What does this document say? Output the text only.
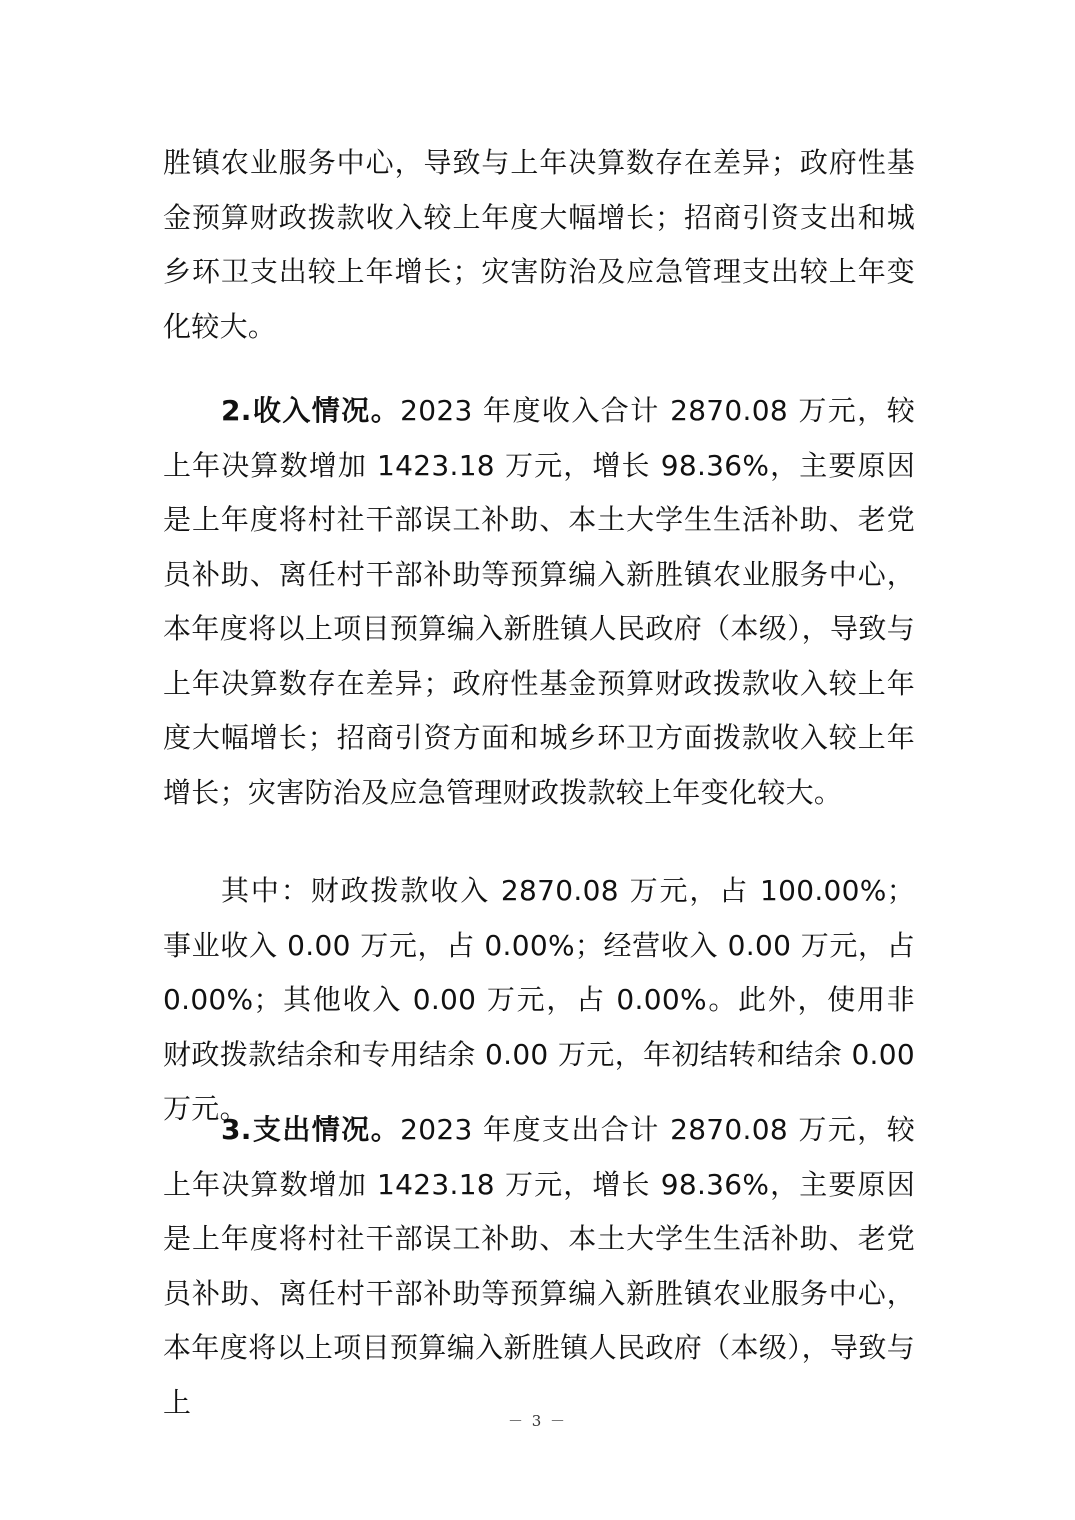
胜镇农业服务中心，导致与上年决算数存在差异；政府性基金预算财政拨款收入较上年度大幅增长；招商引资支出和城乡环卫支出较上年增长；灾害防治及应急管理支出较上年变化较大。

2.收入情况。2023 年度收入合计 2870.08 万元，较上年决算数增加 1423.18 万元，增长 98.36%，主要原因是上年度将村社干部误工补助、本土大学生生活补助、老党员补助、离任村干部补助等预算编入新胜镇农业服务中心，本年度将以上项目预算编入新胜镇人民政府（本级），导致与上年决算数存在差异；政府性基金预算财政拨款收入较上年度大幅增长；招商引资方面和城乡环卫方面拨款收入较上年增长；灾害防治及应急管理财政拨款较上年变化较大。

其中：财政拨款收入 2870.08 万元，占 100.00%；事业收入 0.00 万元，占 0.00%；经营收入 0.00 万元，占 0.00%；其他收入 0.00 万元，占 0.00%。此外，使用非财政拨款结余和专用结余 0.00 万元，年初结转和结余 0.00 万元。

3.支出情况。2023 年度支出合计 2870.08 万元，较上年决算数增加 1423.18 万元，增长 98.36%，主要原因是上年度将村社干部误工补助、本土大学生生活补助、老党员补助、离任村干部补助等预算编入新胜镇农业服务中心，本年度将以上项目预算编入新胜镇人民政府（本级），导致与上

－ 3 －
